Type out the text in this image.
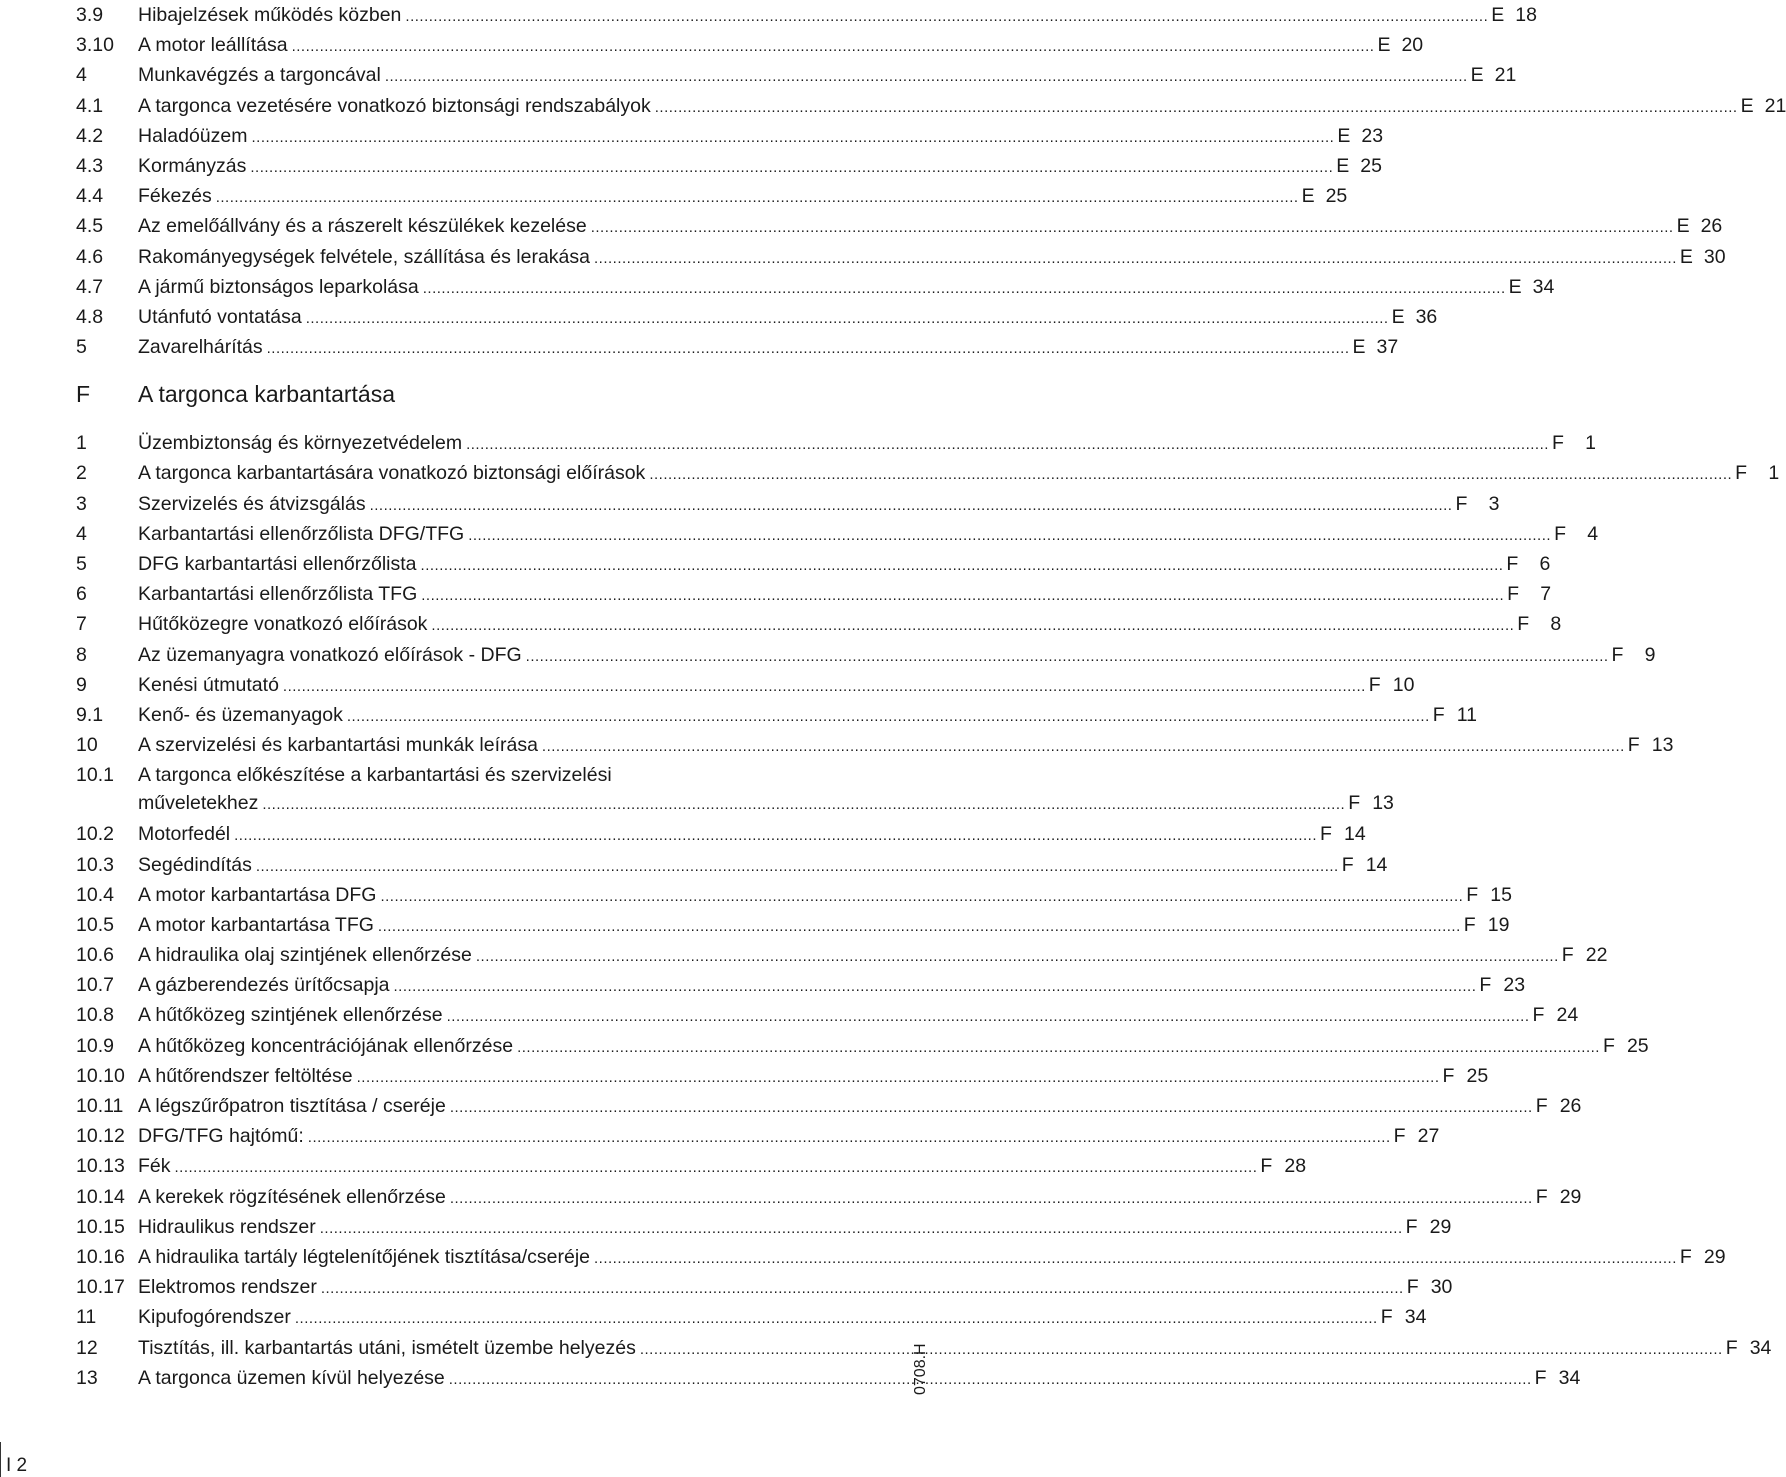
3.9	Hibajelzések működés közben .....	E 18
3.10	A motor leállítása .....	E 20
4	Munkavégzés a targoncával .....	E 21
4.1	A targonca vezetésére vonatkozó biztonsági rendszabályok .....	E 21
4.2	Haladóüzem .....	E 23
4.3	Kormányzás .....	E 25
4.4	Fékezés .....	E 25
4.5	Az emelőállvány és a rászerelt készülékek kezelése .....	E 26
4.6	Rakományegységek felvétele, szállítása és lerakása .....	E 30
4.7	A jármű biztonságos leparkolása .....	E 34
4.8	Utánfutó vontatása .....	E 36
5	Zavarelhárítás .....	E 37
F	A targonca karbantartása
1	Üzembiztonság és környezetvédelem .....	F 1
2	A targonca karbantartására vonatkozó biztonsági előírások .....	F 1
3	Szervizelés és átvizsgálás .....	F 3
4	Karbantartási ellenőrzőlista DFG/TFG .....	F 4
5	DFG karbantartási ellenőrzőlista .....	F 6
6	Karbantartási ellenőrzőlista TFG .....	F 7
7	Hűtőközegre vonatkozó előírások .....	F 8
8	Az üzemanyagra vonatkozó előírások - DFG .....	F 9
9	Kenési útmutató .....	F 10
9.1	Kenő- és üzemanyagok .....	F 11
10	A szervizelési és karbantartási munkák leírása .....	F 13
10.1	A targonca előkészítése a karbantartási és szervizelési
műveletekhez .....	F 13
10.2	Motorfedél .....	F 14
10.3	Segédindítás .....	F 14
10.4	A motor karbantartása DFG .....	F 15
10.5	A motor karbantartása TFG .....	F 19
10.6	A hidraulika olaj szintjének ellenőrzése .....	F 22
10.7	A gázberendezés ürítőcsapja .....	F 23
10.8	A hűtőközeg szintjének ellenőrzése .....	F 24
10.9	A hűtőközeg koncentrációjának ellenőrzése .....	F 25
10.10 A hűtőrendszer feltöltése .....	F 25
10.11 A légszűrőpatron tisztítása / cseréje .....	F 26
10.12 DFG/TFG hajtómű: .....	F 27
10.13 Fék .....	F 28
10.14 A kerekek rögzítésének ellenőrzése .....	F 29
10.15 Hidraulikus rendszer .....	F 29
10.16 A hidraulika tartály légtelenítőjének tisztítása/cseréje .....	F 29
10.17 Elektromos rendszer .....	F 30
11	Kipufogórendszer .....	F 34
12	Tisztítás, ill. karbantartás utáni, ismételt üzembe helyezés .....	F 34
13	A targonca üzemen kívül helyezése .....	F 34
I 2
0708.H
